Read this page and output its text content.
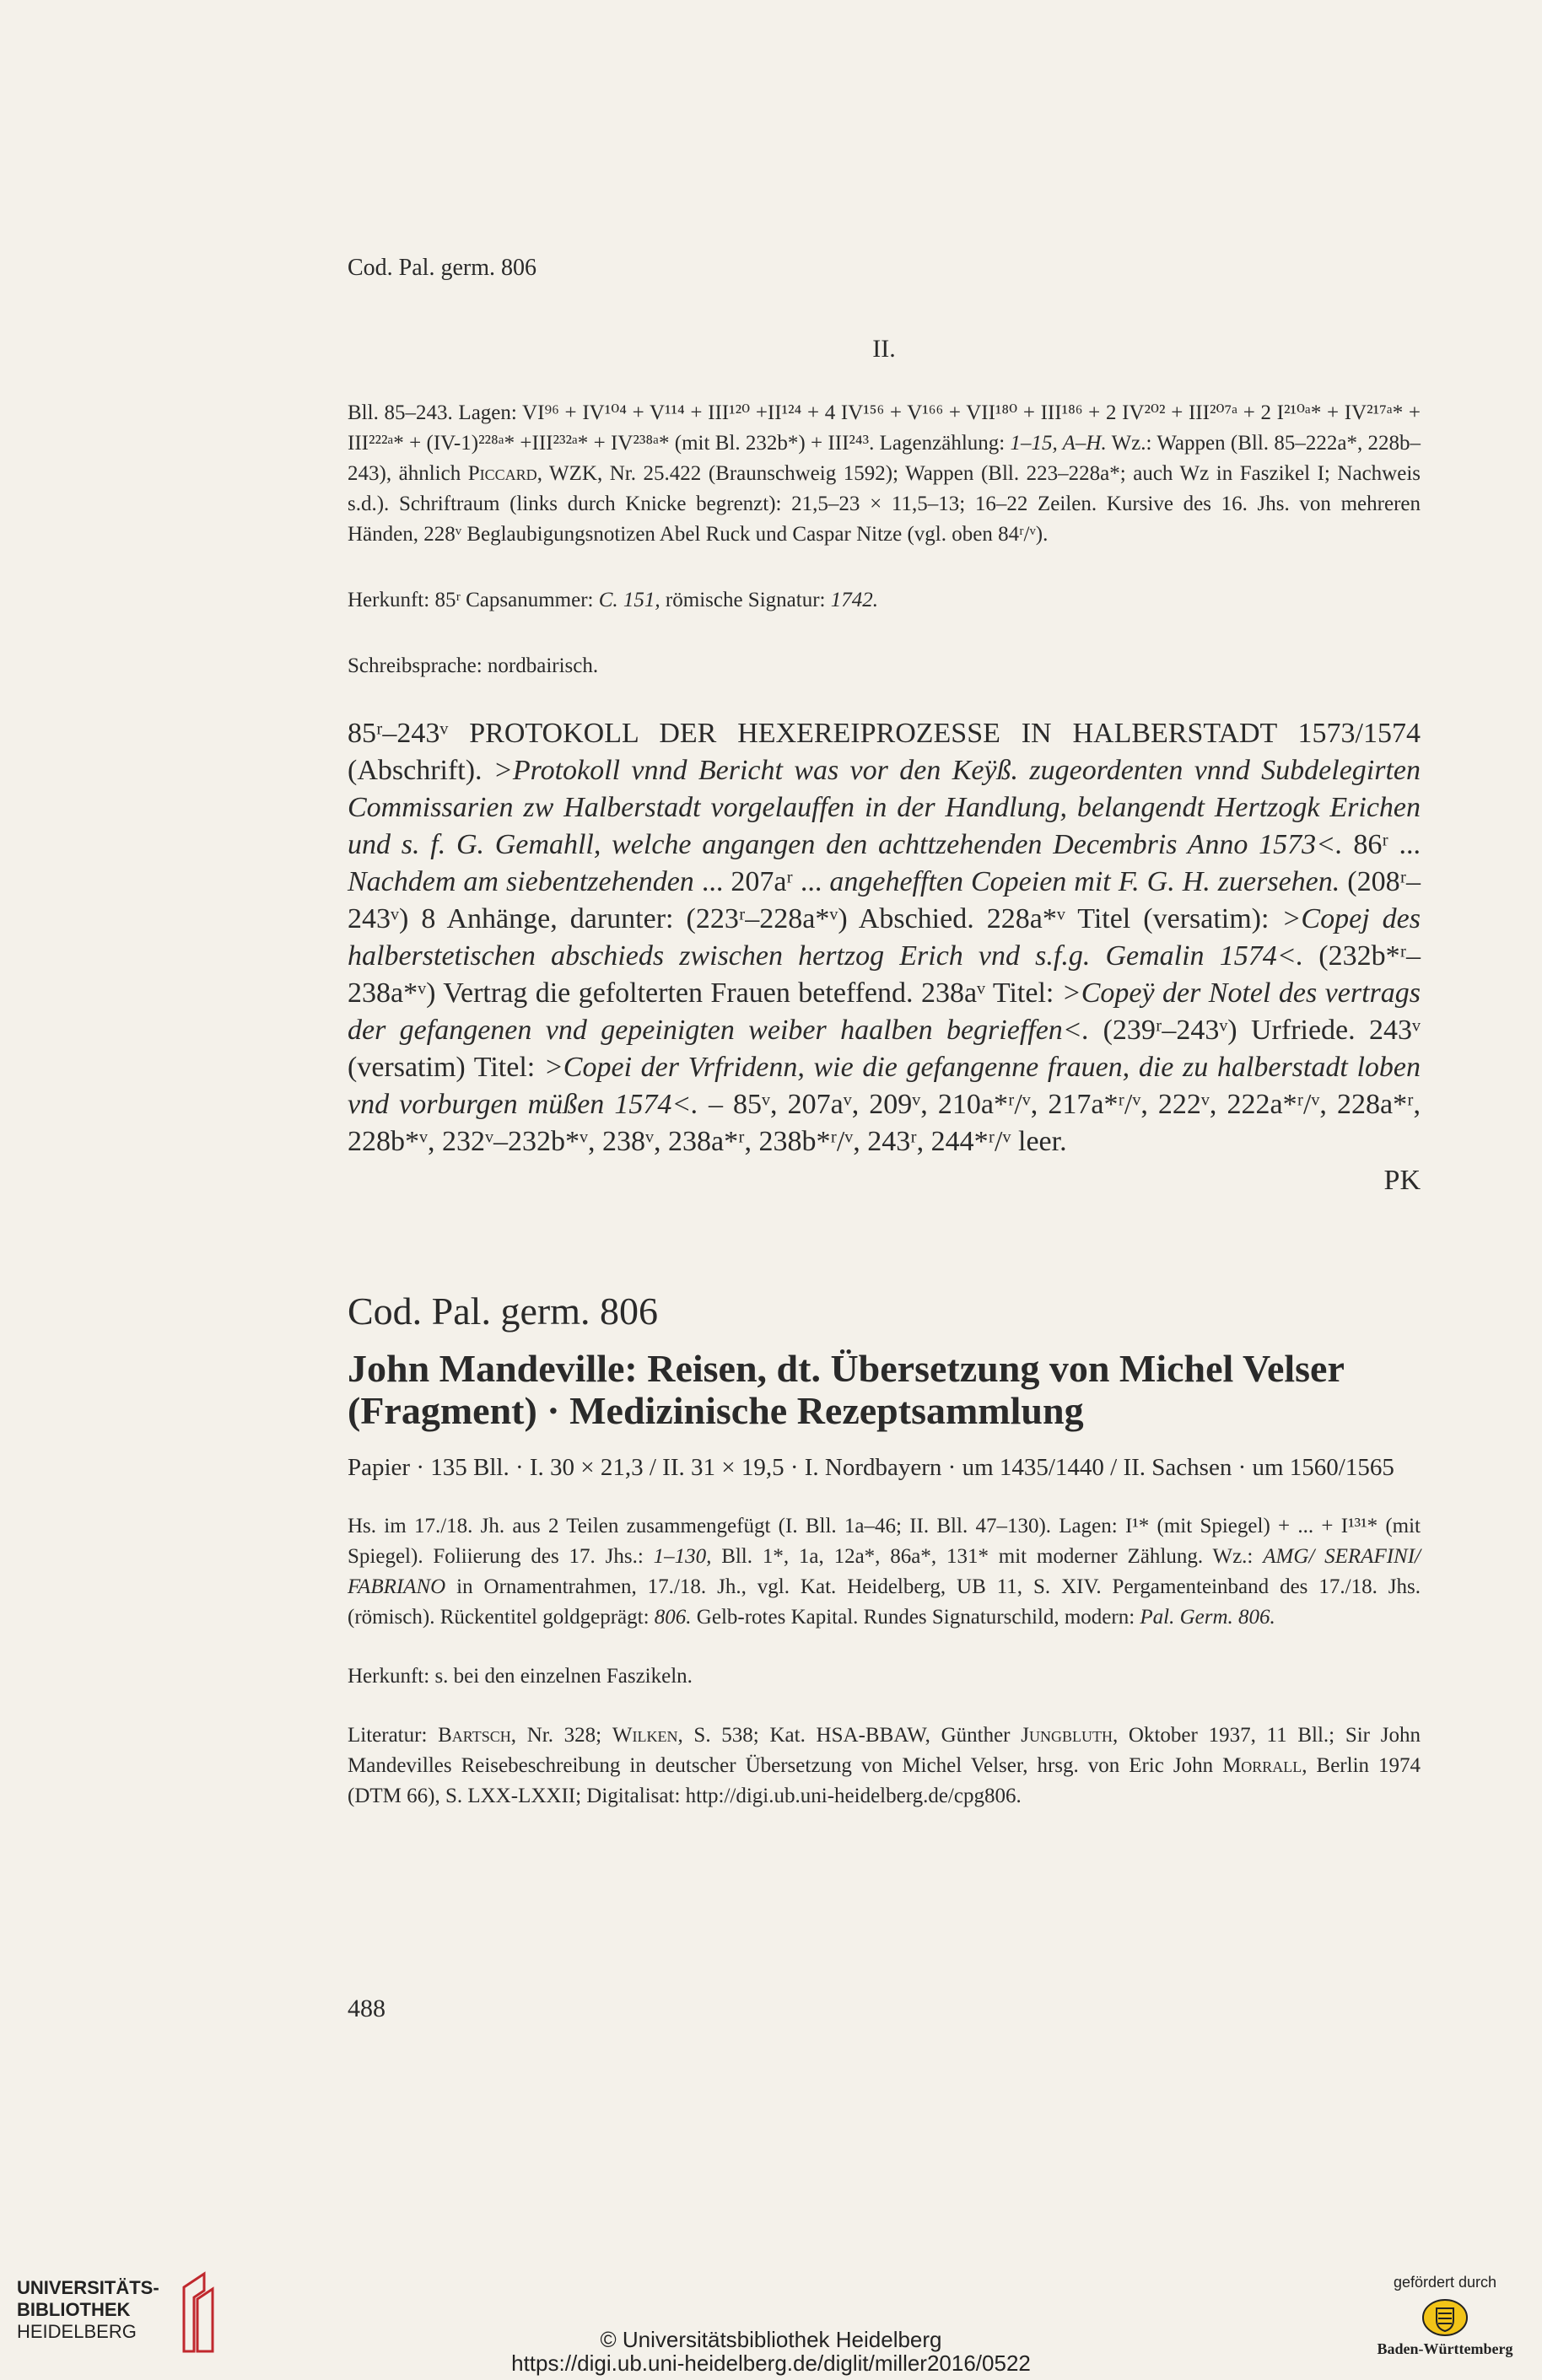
Cod. Pal. germ. 806

II.

Bll. 85–243. Lagen: VI⁹⁶ + IV¹⁰⁴ + V¹¹⁴ + III¹²⁰ +II¹²⁴ + 4 IV¹⁵⁶ + V¹⁶⁶ + VII¹⁸⁰ + III¹⁸⁶ + 2 IV²⁰² + III²⁰⁷ᵃ + 2 I²¹⁰ᵃ* + IV²¹⁷ᵃ* + III²²²ᵃ* + (IV-1)²²⁸ᵃ* +III²³²ᵃ* + IV²³⁸ᵃ* (mit Bl. 232b*) + III²⁴³. Lagenzählung: 1–15, A–H. Wz.: Wappen (Bll. 85–222a*, 228b–243), ähnlich Piccard, WZK, Nr. 25.422 (Braunschweig 1592); Wappen (Bll. 223–228a*; auch Wz in Faszikel I; Nachweis s.d.). Schriftraum (links durch Knicke begrenzt): 21,5–23 × 11,5–13; 16–22 Zeilen. Kursive des 16. Jhs. von mehreren Händen, 228ᵛ Beglaubigungsnotizen Abel Ruck und Caspar Nitze (vgl. oben 84ʳ/ᵛ).

Herkunft: 85ʳ Capsanummer: C. 151, römische Signatur: 1742.

Schreibsprache: nordbairisch.

85ʳ–243ᵛ PROTOKOLL DER HEXEREIPROZESSE IN HALBERSTADT 1573/1574 (Abschrift). >Protokoll vnnd Bericht was vor den Keÿß. zugeordenten vnnd Subdelegirten Commissarien zw Halberstadt vorgelauffen in der Handlung, belangendt Hertzogk Erichen und s. f. G. Gemahll, welche angangen den achttzehenden Decembris Anno 1573<. 86ʳ ... Nachdem am siebentzehenden ... 207aʳ ... angehefften Copeien mit F. G. H. zuersehen. (208ʳ–243ᵛ) 8 Anhänge, darunter: (223ʳ–228a*ᵛ) Abschied. 228a*ᵛ Titel (versatim): >Copej des halberstetischen abschieds zwischen hertzog Erich vnd s.f.g. Gemalin 1574<. (232b*ʳ–238a*ᵛ) Vertrag die gefolterten Frauen beteffend. 238aᵛ Titel: >Copeÿ der Notel des vertrags der gefangenen vnd gepeinigten weiber haalben begrieffen<. (239ʳ–243ᵛ) Urfriede. 243ᵛ (versatim) Titel: >Copei der Vrfridenn, wie die gefangenne frauen, die zu halberstadt loben vnd vorburgen müßen 1574<. – 85ᵛ, 207aᵛ, 209ᵛ, 210a*ʳ/ᵛ, 217a*ʳ/ᵛ, 222ᵛ, 222a*ʳ/ᵛ, 228a*ʳ, 228b*ᵛ, 232ᵛ–232b*ᵛ, 238ᵛ, 238a*ʳ, 238b*ʳ/ᵛ, 243ʳ, 244*ʳ/ᵛ leer.

PK

Cod. Pal. germ. 806

John Mandeville: Reisen, dt. Übersetzung von Michel Velser (Fragment) · Medizinische Rezeptsammlung

Papier · 135 Bll. · I. 30 × 21,3 / II. 31 × 19,5 · I. Nordbayern · um 1435/1440 / II. Sachsen · um 1560/1565

Hs. im 17./18. Jh. aus 2 Teilen zusammengefügt (I. Bll. 1a–46; II. Bll. 47–130). Lagen: I¹* (mit Spiegel) + ... + I¹³¹* (mit Spiegel). Foliierung des 17. Jhs.: 1–130, Bll. 1*, 1a, 12a*, 86a*, 131* mit moderner Zählung. Wz.: AMG/ SERAFINI/ FABRIANO in Ornamentrahmen, 17./18. Jh., vgl. Kat. Heidelberg, UB 11, S. XIV. Pergamenteinband des 17./18. Jhs. (römisch). Rückentitel goldgeprägt: 806. Gelb-rotes Kapital. Rundes Signaturschild, modern: Pal. Germ. 806.

Herkunft: s. bei den einzelnen Faszikeln.

Literatur: Bartsch, Nr. 328; Wilken, S. 538; Kat. HSA-BBAW, Günther Jungbluth, Oktober 1937, 11 Bll.; Sir John Mandevilles Reisebeschreibung in deutscher Übersetzung von Michel Velser, hrsg. von Eric John Morrall, Berlin 1974 (DTM 66), S. LXX-LXXII; Digitalisat: http://digi.ub.uni-heidelberg.de/cpg806.

488

UNIVERSITÄTS-
BIBLIOTHEK
HEIDELBERG	© Universitätsbibliothek Heidelberg
https://digi.ub.uni-heidelberg.de/diglit/miller2016/0522
gefördert durch
Baden-Württemberg
